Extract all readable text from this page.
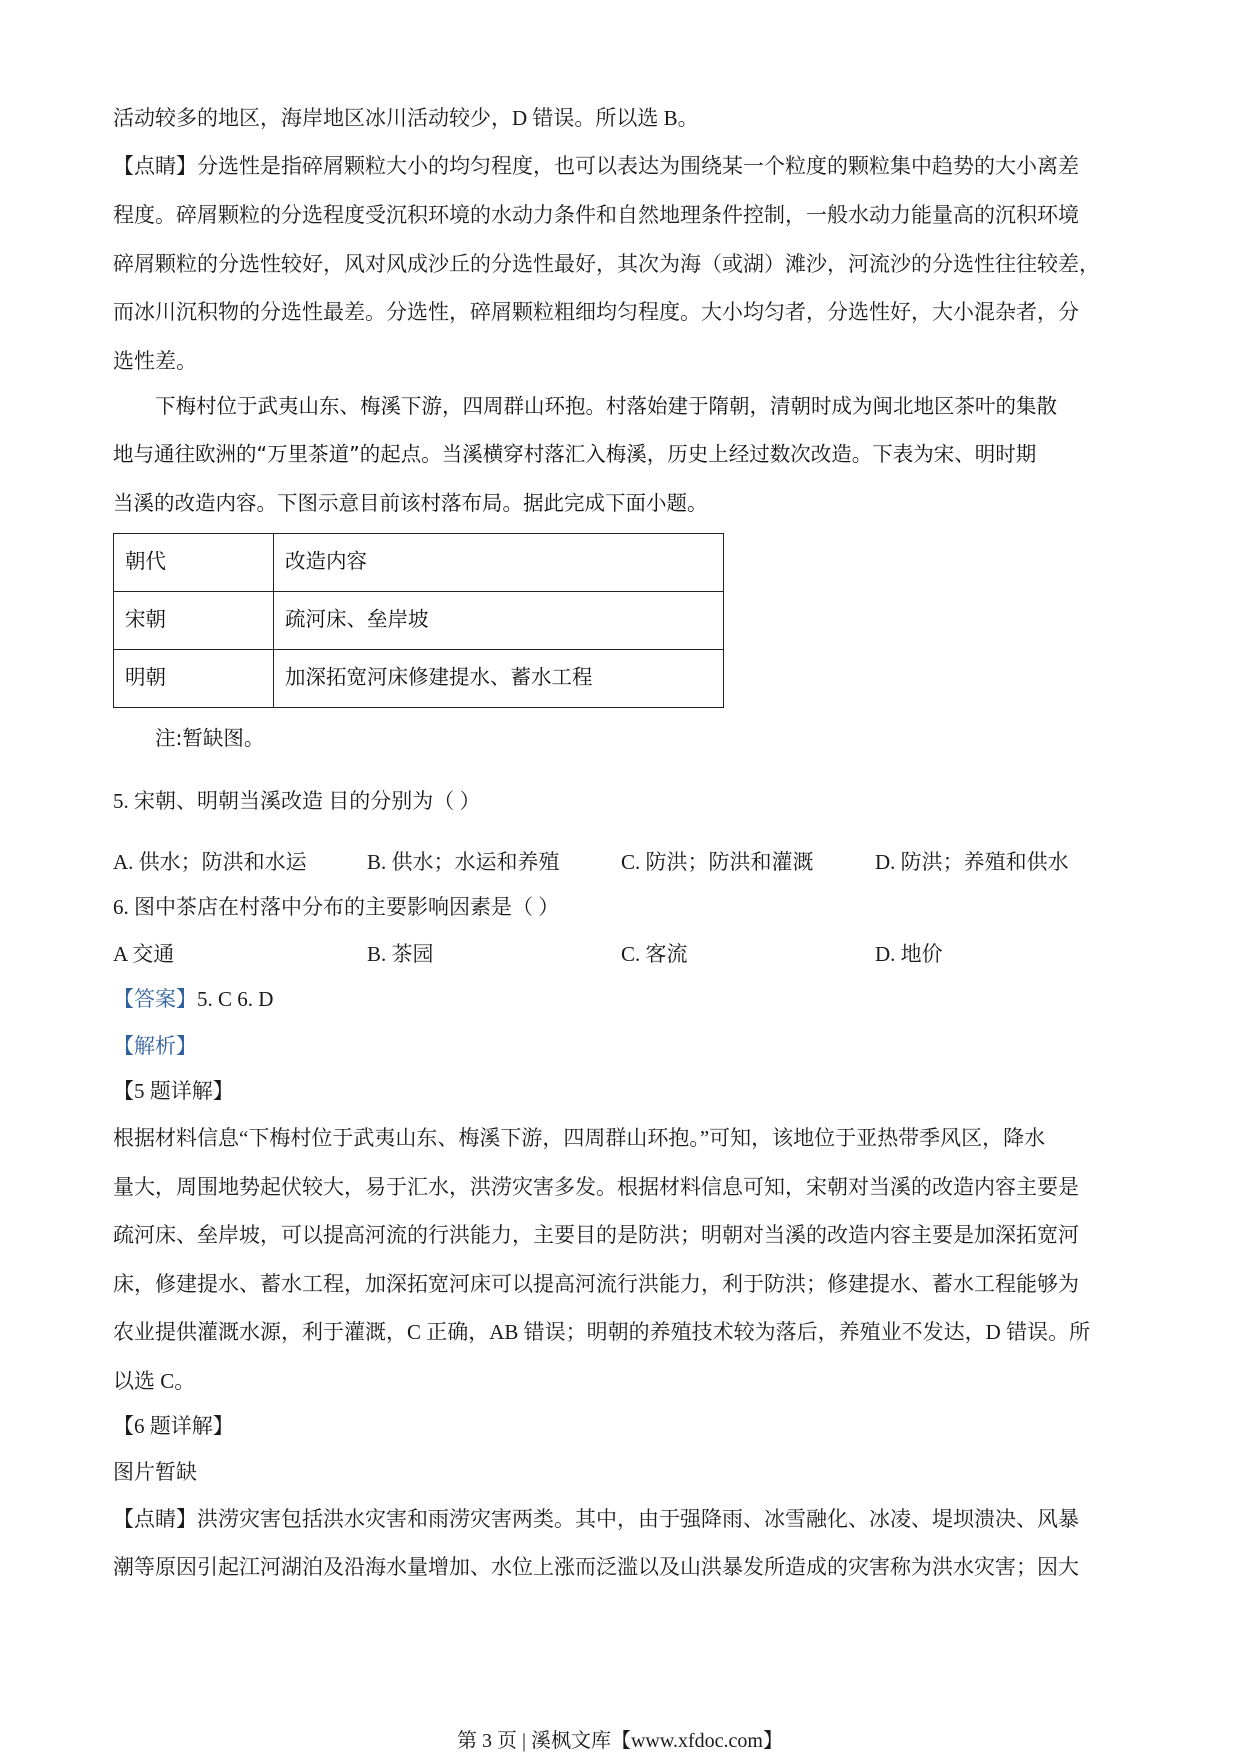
活动较多的地区，海岸地区冰川活动较少，D 错误。所以选 B。
【点睛】分选性是指碎屑颗粒大小的均匀程度，也可以表达为围绕某一个粒度的颗粒集中趋势的大小离差
程度。碎屑颗粒的分选程度受沉积环境的水动力条件和自然地理条件控制，一般水动力能量高的沉积环境
碎屑颗粒的分选性较好，风对风成沙丘的分选性最好，其次为海（或湖）滩沙，河流沙的分选性往往较差，
而冰川沉积物的分选性最差。分选性，碎屑颗粒粗细均匀程度。大小均匀者，分选性好，大小混杂者，分
选性差。
下梅村位于武夷山东、梅溪下游，四周群山环抱。村落始建于隋朝，清朝时成为闽北地区茶叶的集散
地与通往欧洲的“万里茶道”的起点。当溪横穿村落汇入梅溪，历史上经过数次改造。下表为宋、明时期
当溪的改造内容。下图示意目前该村落布局。据此完成下面小题。
朝代	改造内容
宋朝	疏河床、垒岸坡
明朝	加深拓宽河床修建提水、蓄水工程
注:暂缺图。
5. 宋朝、明朝当溪改造 目的分别为（ ）
A. 供水；防洪和水运	B. 供水；水运和养殖	C. 防洪；防洪和灌溉	D. 防洪；养殖和供水
6. 图中茶店在村落中分布的主要影响因素是（ ）
A 交通	B. 茶园	C. 客流	D. 地价
【答案】5. C 6. D
【解析】
【5 题详解】
根据材料信息“下梅村位于武夷山东、梅溪下游，四周群山环抱。”可知，该地位于亚热带季风区，降水
量大，周围地势起伏较大，易于汇水，洪涝灾害多发。根据材料信息可知，宋朝对当溪的改造内容主要是
疏河床、垒岸坡，可以提高河流的行洪能力，主要目的是防洪；明朝对当溪的改造内容主要是加深拓宽河
床，修建提水、蓄水工程，加深拓宽河床可以提高河流行洪能力，利于防洪；修建提水、蓄水工程能够为
农业提供灌溉水源，利于灌溉，C 正确，AB 错误；明朝的养殖技术较为落后，养殖业不发达，D 错误。所
以选 C。
【6 题详解】
图片暂缺
【点睛】洪涝灾害包括洪水灾害和雨涝灾害两类。其中，由于强降雨、冰雪融化、冰凌、堤坝溃决、风暴
潮等原因引起江河湖泊及沿海水量增加、水位上涨而泛滥以及山洪暴发所造成的灾害称为洪水灾害；因大
第 3 页 | 溪枫文库【www.xfdoc.com】
